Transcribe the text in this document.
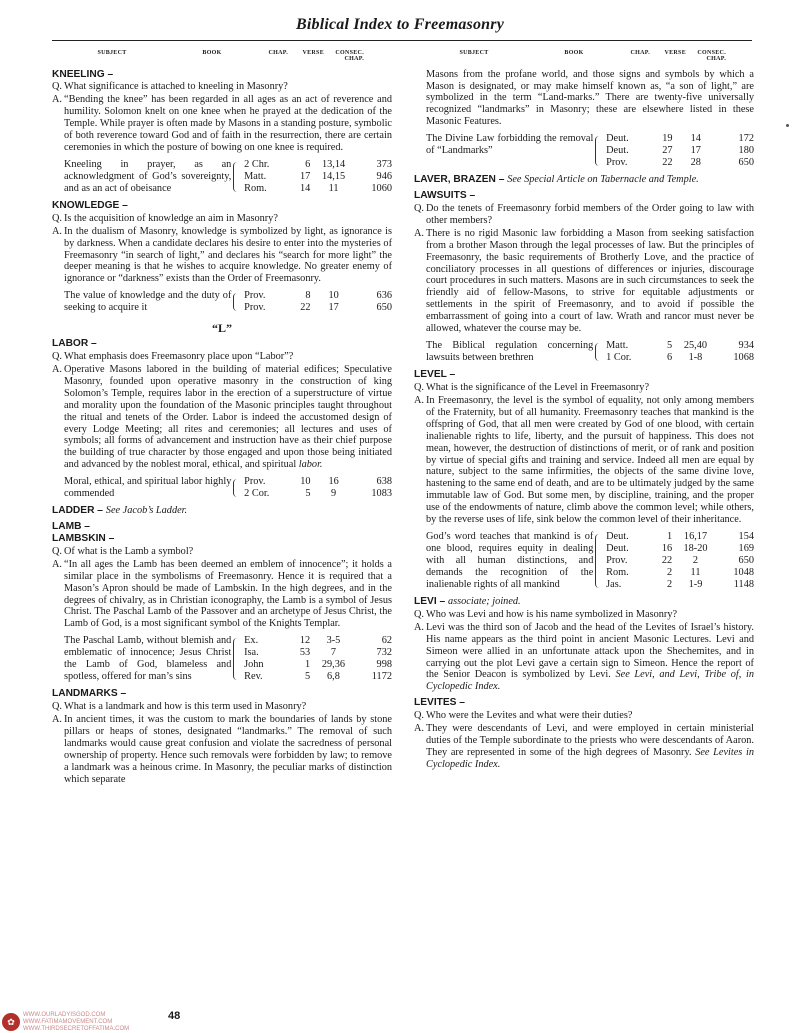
Biblical Index to Freemasonry
SUBJECT	BOOK	CHAP.	VERSE	CONSEC. CHAP.
KNEELING –
Q. What significance is attached to kneeling in Masonry?
A. “Bending the knee” has been regarded in all ages as an act of reverence and humility. Solomon knelt on one knee when he prayed at the dedication of the Temple. While prayer is often made by Masons in a standing posture, symbolic of both reverence toward God and of faith in the resurrection, there are certain ceremonies in which the posture of bowing on one knee is required.
Kneeling in prayer, as an acknowledgment of God’s sovereignty, and as an act of obeisance
2 Chr.	6	13,14	373
Matt.	17	14,15	946
Rom.	14	11	1060
KNOWLEDGE –
Q. Is the acquisition of knowledge an aim in Masonry?
A. In the dualism of Masonry, knowledge is symbolized by light, as ignorance is by darkness. When a candidate declares his desire to enter into the mysteries of Freemasonry “in search of light,” and declares his “search for more light” the deeper meaning is that he wishes to acquire knowledge. No greater enemy of ignorance or “darkness” exists than the Order of Freemasonry.
The value of knowledge and the duty of seeking to acquire it
Prov.	8	10	636
Prov.	22	17	650
“L”
LABOR –
Q. What emphasis does Freemasonry place upon “Labor”?
A. Operative Masons labored in the building of material edifices; Speculative Masonry, founded upon operative masonry in the construction of king Solomon’s Temple, requires labor in the erection of a superstructure of virtue and morality upon the foundation of the Masonic principles taught throughout the ritual and tenets of the Order. Labor is indeed the accustomed design of every Lodge Meeting; all rites and ceremonies; all lectures and uses of symbols; all forms of advancement and instruction have as their chief purpose the building of true character by those engaged and upon those being initiated and advanced by the noblest moral, ethical, and spiritual labor.
Moral, ethical, and spiritual labor highly commended
Prov.	10	16	638
2 Cor.	5	9	1083
LADDER – See Jacob’s Ladder.
LAMB –
LAMBSKIN –
Q. Of what is the Lamb a symbol?
A. “In all ages the Lamb has been deemed an emblem of innocence”; it holds a similar place in the symbolisms of Freemasonry. Hence it is required that a Mason’s Apron should be made of Lambskin. In the high degrees, and in the degrees of chivalry, as in Christian iconography, the Lamb is a symbol of Jesus Christ. The Paschal Lamb of the Passover and an archetype of Jesus Christ, the Lamb of God, is a most significant symbol of the Knights Templar.
The Paschal Lamb, without blemish and emblematic of innocence; Jesus Christ the Lamb of God, blameless and spotless, offered for man’s sins
Ex.	12	3-5	62
Isa.	53	7	732
John	1	29,36	998
Rev.	5	6,8	1172
LANDMARKS –
Q. What is a landmark and how is this term used in Masonry?
A. In ancient times, it was the custom to mark the boundaries of lands by stone pillars or heaps of stones, designated “landmarks.” The removal of such landmarks would cause great confusion and violate the sacredness of personal ownership of property. Hence such removals were forbidden by law; to remove a landmark was a heinous crime. In Masonry, the peculiar marks of distinction which separate
SUBJECT	BOOK	CHAP.	VERSE	CONSEC. CHAP.
Masons from the profane world, and those signs and symbols by which a Mason is designated, or may make himself known as, “a son of light,” are symbolized in the term “Land-marks.” There are twenty-five universally recognized “landmarks” in Masonry; these are elsewhere listed in these Masonic Features.
The Divine Law forbidding the removal of “Landmarks”
Deut.	19	14	172
Deut.	27	17	180
Prov.	22	28	650
LAVER, BRAZEN – See Special Article on Tabernacle and Temple.
LAWSUITS –
Q. Do the tenets of Freemasonry forbid members of the Order going to law with other members?
A. There is no rigid Masonic law forbidding a Mason from seeking satisfaction from a brother Mason through the legal processes of law. But the principles of Freemasonry, the basic requirements of Brotherly Love, and the practice of conciliatory processes in all questions of differences or injuries, discourage court procedures in such matters. Masons are in such circumstances to seek the friendly aid of fellow-Masons, to strive for equitable adjustments or settlements in the spirit of Freemasonry, and to avoid if possible the embarrassment of going into a court of law. Wrath and rancor must never be allowed, whatever the course may be.
The Biblical regulation concerning lawsuits between brethren
Matt.	5	25,40	934
1 Cor.	6	1-8	1068
LEVEL –
Q. What is the significance of the Level in Freemasonry?
A. In Freemasonry, the level is the symbol of equality, not only among members of the Fraternity, but of all humanity. Freemasonry teaches that mankind is the offspring of God, that all men were created by God of one blood, with certain inalienable rights to life, liberty, and the pursuit of happiness. This does not mean, however, the destruction of distinctions of merit, or of rank and position by virtue of special gifts and training and service. Indeed all men are equal by nature, subject to the same infirmities, the objects of the same divine love, hastening to the same end of death, and are to be ultimately judged by the same immutable law of God. But some men, by discipline, training, and the proper use of the endowments of nature, climb above the common level; while others, by the reverse uses of life, sink below the common level of their inheritance.
God’s word teaches that mankind is of one blood, requires equity in dealing with all human distinctions, and demands the recognition of the inalienable rights of all mankind
Deut.	1	16,17	154
Deut.	16	18-20	169
Prov.	22	2	650
Rom.	2	11	1048
Jas.	2	1-9	1148
LEVI – associate; joined.
Q. Who was Levi and how is his name symbolized in Masonry?
A. Levi was the third son of Jacob and the head of the Levites of Israel’s history. His name appears as the third point in ancient Masonic Lectures. Levi and Simeon were allied in an unfortunate attack upon the Shechemites, and in carrying out the plot Levi gave a certain sign to Simeon. Hence the report of the Senior Deacon is symbolized by Levi. See Levi, and Levi, Tribe of, in Cyclopedic Index.
LEVITES –
Q. Who were the Levites and what were their duties?
A. They were descendants of Levi, and were employed in certain ministerial duties of the Temple subordinate to the priests who were descendants of Aaron. They are represented in some of the high degrees of Masonry. See Levites in Cyclopedic Index.
✿
WWW.OURLADYISGOD.COM
WWW.FATIMAMOVEMENT.COM
WWW.THIRDSECRETOFFATIMA.COM
48
